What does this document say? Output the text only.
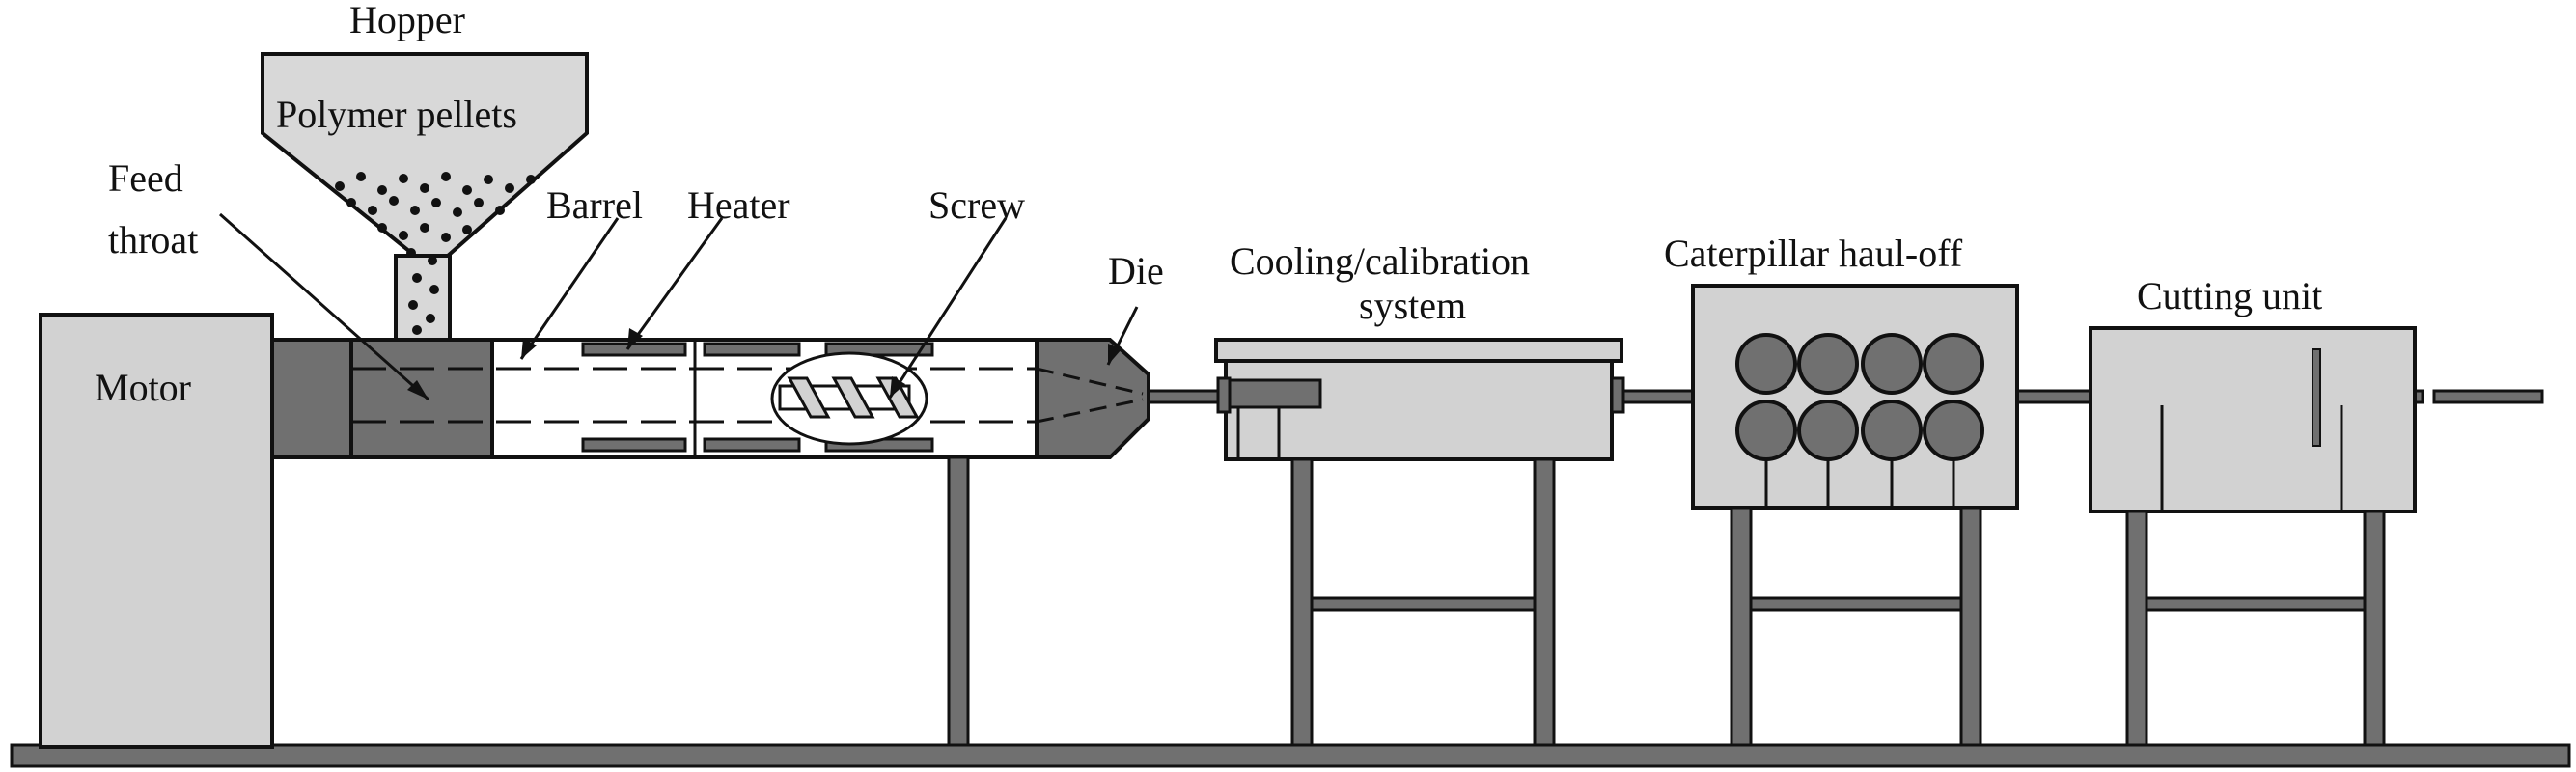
Motor
Hopper
Polymer pellets
Feed
throat
Barrel Heater	Screw
Die Cooling/calibration
system
Caterpillar haul-off
Cutting unit
